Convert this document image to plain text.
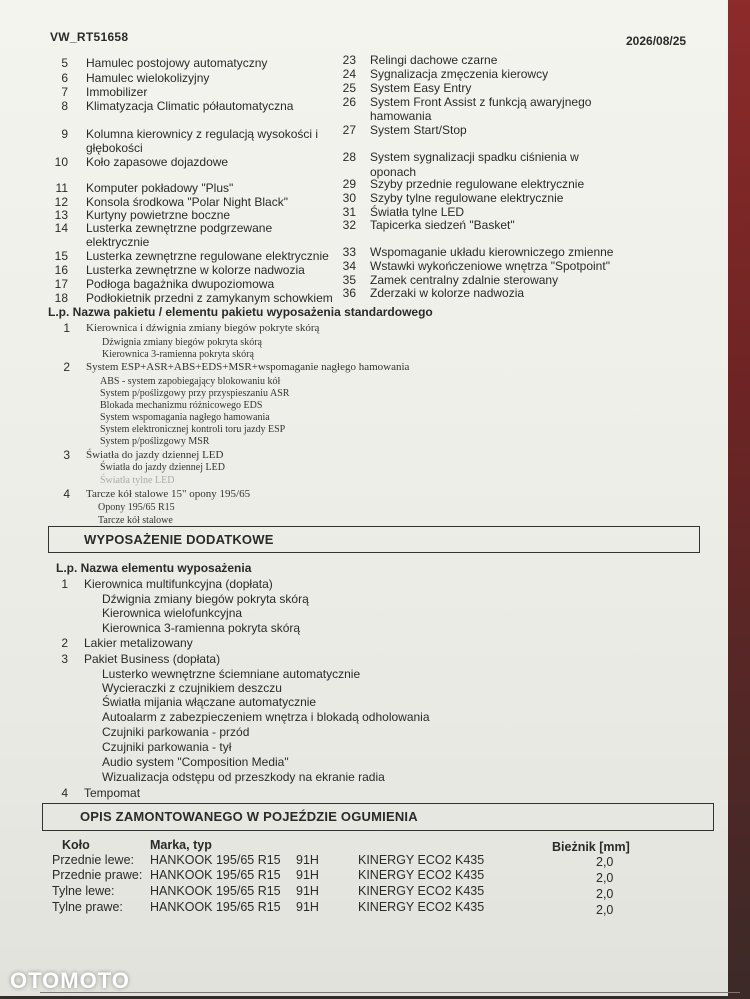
VW_RT51658	2026/08/25
5 Hamulec postojowy automatyczny
6 Hamulec wielokolizyjny
7 Immobilizer
8 Klimatyzacja Climatic półautomatyczna
9 Kolumna kierownicy z regulacją wysokości i
głębokości
10 Koło zapasowe dojazdowe
11 Komputer pokładowy "Plus"
12 Konsola środkowa "Polar Night Black"
13 Kurtyny powietrzne boczne
14 Lusterka zewnętrzne podgrzewane
elektrycznie
15 Lusterka zewnętrzne regulowane elektrycznie
16 Lusterka zewnętrzne w kolorze nadwozia
17 Podłoga bagażnika dwupoziomowa
18 Podłokietnik przedni z zamykanym schowkiem
23 Relingi dachowe czarne
24 Sygnalizacja zmęczenia kierowcy
25 System Easy Entry
26 System Front Assist z funkcją awaryjnego
hamowania
27 System Start/Stop
28 System sygnalizacji spadku ciśnienia w
oponach
29 Szyby przednie regulowane elektrycznie
30 Szyby tylne regulowane elektrycznie
31 Światła tylne LED
32 Tapicerka siedzeń "Basket"
33 Wspomaganie układu kierowniczego zmienne
34 Wstawki wykończeniowe wnętrza "Spotpoint"
35 Zamek centralny zdalnie sterowany
36 Zderzaki w kolorze nadwozia
L.p. Nazwa pakietu / elementu pakietu wyposażenia standardowego
1 Kierownica i dźwignia zmiany biegów pokryte skórą
Dźwignia zmiany biegów pokryta skórą
Kierownica 3-ramienna pokryta skórą
2 System ESP+ASR+ABS+EDS+MSR+wspomaganie nagłego hamowania
ABS - system zapobiegający blokowaniu kół
System p/poślizgowy przy przyspieszaniu ASR
Blokada mechanizmu różnicowego EDS
System wspomagania nagłego hamowania
System elektronicznej kontroli toru jazdy ESP
System p/poślizgowy MSR
3 Światła do jazdy dziennej LED
Światła do jazdy dziennej LED
Światła tylne LED
4 Tarcze kół stalowe 15" opony 195/65
Opony 195/65 R15
Tarcze kół stalowe
WYPOSAŻENIE DODATKOWE
L.p. Nazwa elementu wyposażenia
1 Kierownica multifunkcyjna (dopłata)
Dźwignia zmiany biegów pokryta skórą
Kierownica wielofunkcyjna
Kierownica 3-ramienna pokryta skórą
2 Lakier metalizowany
3 Pakiet Business (dopłata)
Lusterko wewnętrzne ściemniane automatycznie
Wycieraczki z czujnikiem deszczu
Światła mijania włączane automatycznie
Autoalarm z zabezpieczeniem wnętrza i blokadą odholowania
Czujniki parkowania - przód
Czujniki parkowania - tył
Audio system "Composition Media"
Wizualizacja odstępu od przeszkody na ekranie radia
4 Tempomat
OPIS ZAMONTOWANEGO W POJEŹDZIE OGUMIENIA
Koło	Marka, typ	Bieżnik [mm]
Przednie lewe: HANKOOK 195/65 R15 91H	KINERGY ECO2 K435	2,0
Przednie prawe: HANKOOK 195/65 R15 91H	KINERGY ECO2 K435	2,0
Tylne lewe:	HANKOOK 195/65 R15 91H	KINERGY ECO2 K435	2,0
Tylne prawe: HANKOOK 195/65 R15 91H	KINERGY ECO2 K435	2,0
OTOMOTO
